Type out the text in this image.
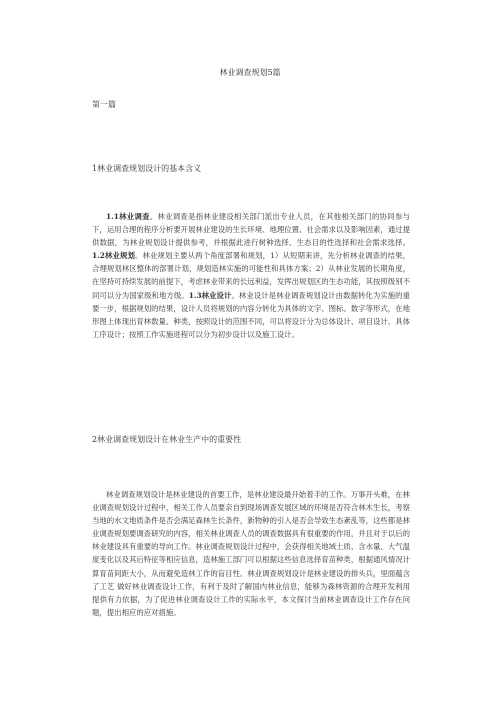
林业调查规划5篇
第一篇
1林业调查规划设计的基本含义

1.1林业调查。林业调查是指林业建设相关部门派出专业人员，在其他相关部门的协同参与下，运用合理的程序分析要开展林业建设的生长环境、地理位置、社会需求以及影响因素，通过提供数据，为林业规划设计提供参考，并根据此进行树种选择、生态目的性选择和社会需求选择。1.2林业规划。林业规划主要从两个角度部署和规划，1）从短期来讲，先分析林业调查的结果，合理规划林区整体的部署计划，规划造林实施的可能性和具体方案；2）从林业发展的长期角度，在坚持可持续发展的前提下，考虑林业带来的长远利益，发挥出规划区的生态功能，其按照级别不同可以分为国家级和地方级。1.3林业设计。林业设计是林业调查规划设计由数据转化为实施的重要一步，根据规划的结果，设计人员将规划的内容分转化为具体的文字、图标、数字等形式，在地形图上体现出育林数量、种类，按照设计的范围不同，可以将设计分为总体设计、项目设计、具体工序设计；按照工作实施进程可以分为初步设计以及施工设计。

2林业调查规划设计在林业生产中的重要性

林业调查规划设计是林业建设的首要工作，是林业建设最开始着手的工作。万事开头难，在林业调查规划设计过程中，相关工作人员要亲自到现场调查发展区域的环境是否符合林木生长，考察当地的水文地质条件是否会满足森林生长条件，新物种的引入是否会导致生态紊乱等，这些都是林业调查规划要调查研究的内容，相关林业调查人员的调查数据具有很重要的作用，并且对于以后的林业建设具有重要的导向工作。林业调查规划设计过程中，会获得相关地域土质、含水量、大气温度变化以及其后特征等相应信息，造林施工部门可以根据这些信息选择育苗种类，根据通风情况计算育苗间距大小，从而避免造林工作的盲目性。林业调查规划设计是林业建设的排头兵，里面蕴含了工艺 做好林业调查设计工作，有利于及时了解国内林业信息，能够为森林资源的合理开发利用提供有力依据，为了促进林业调查设计工作的实际水平，本文探讨当前林业调查设计工作存在问题，提出相应的应对措施。
